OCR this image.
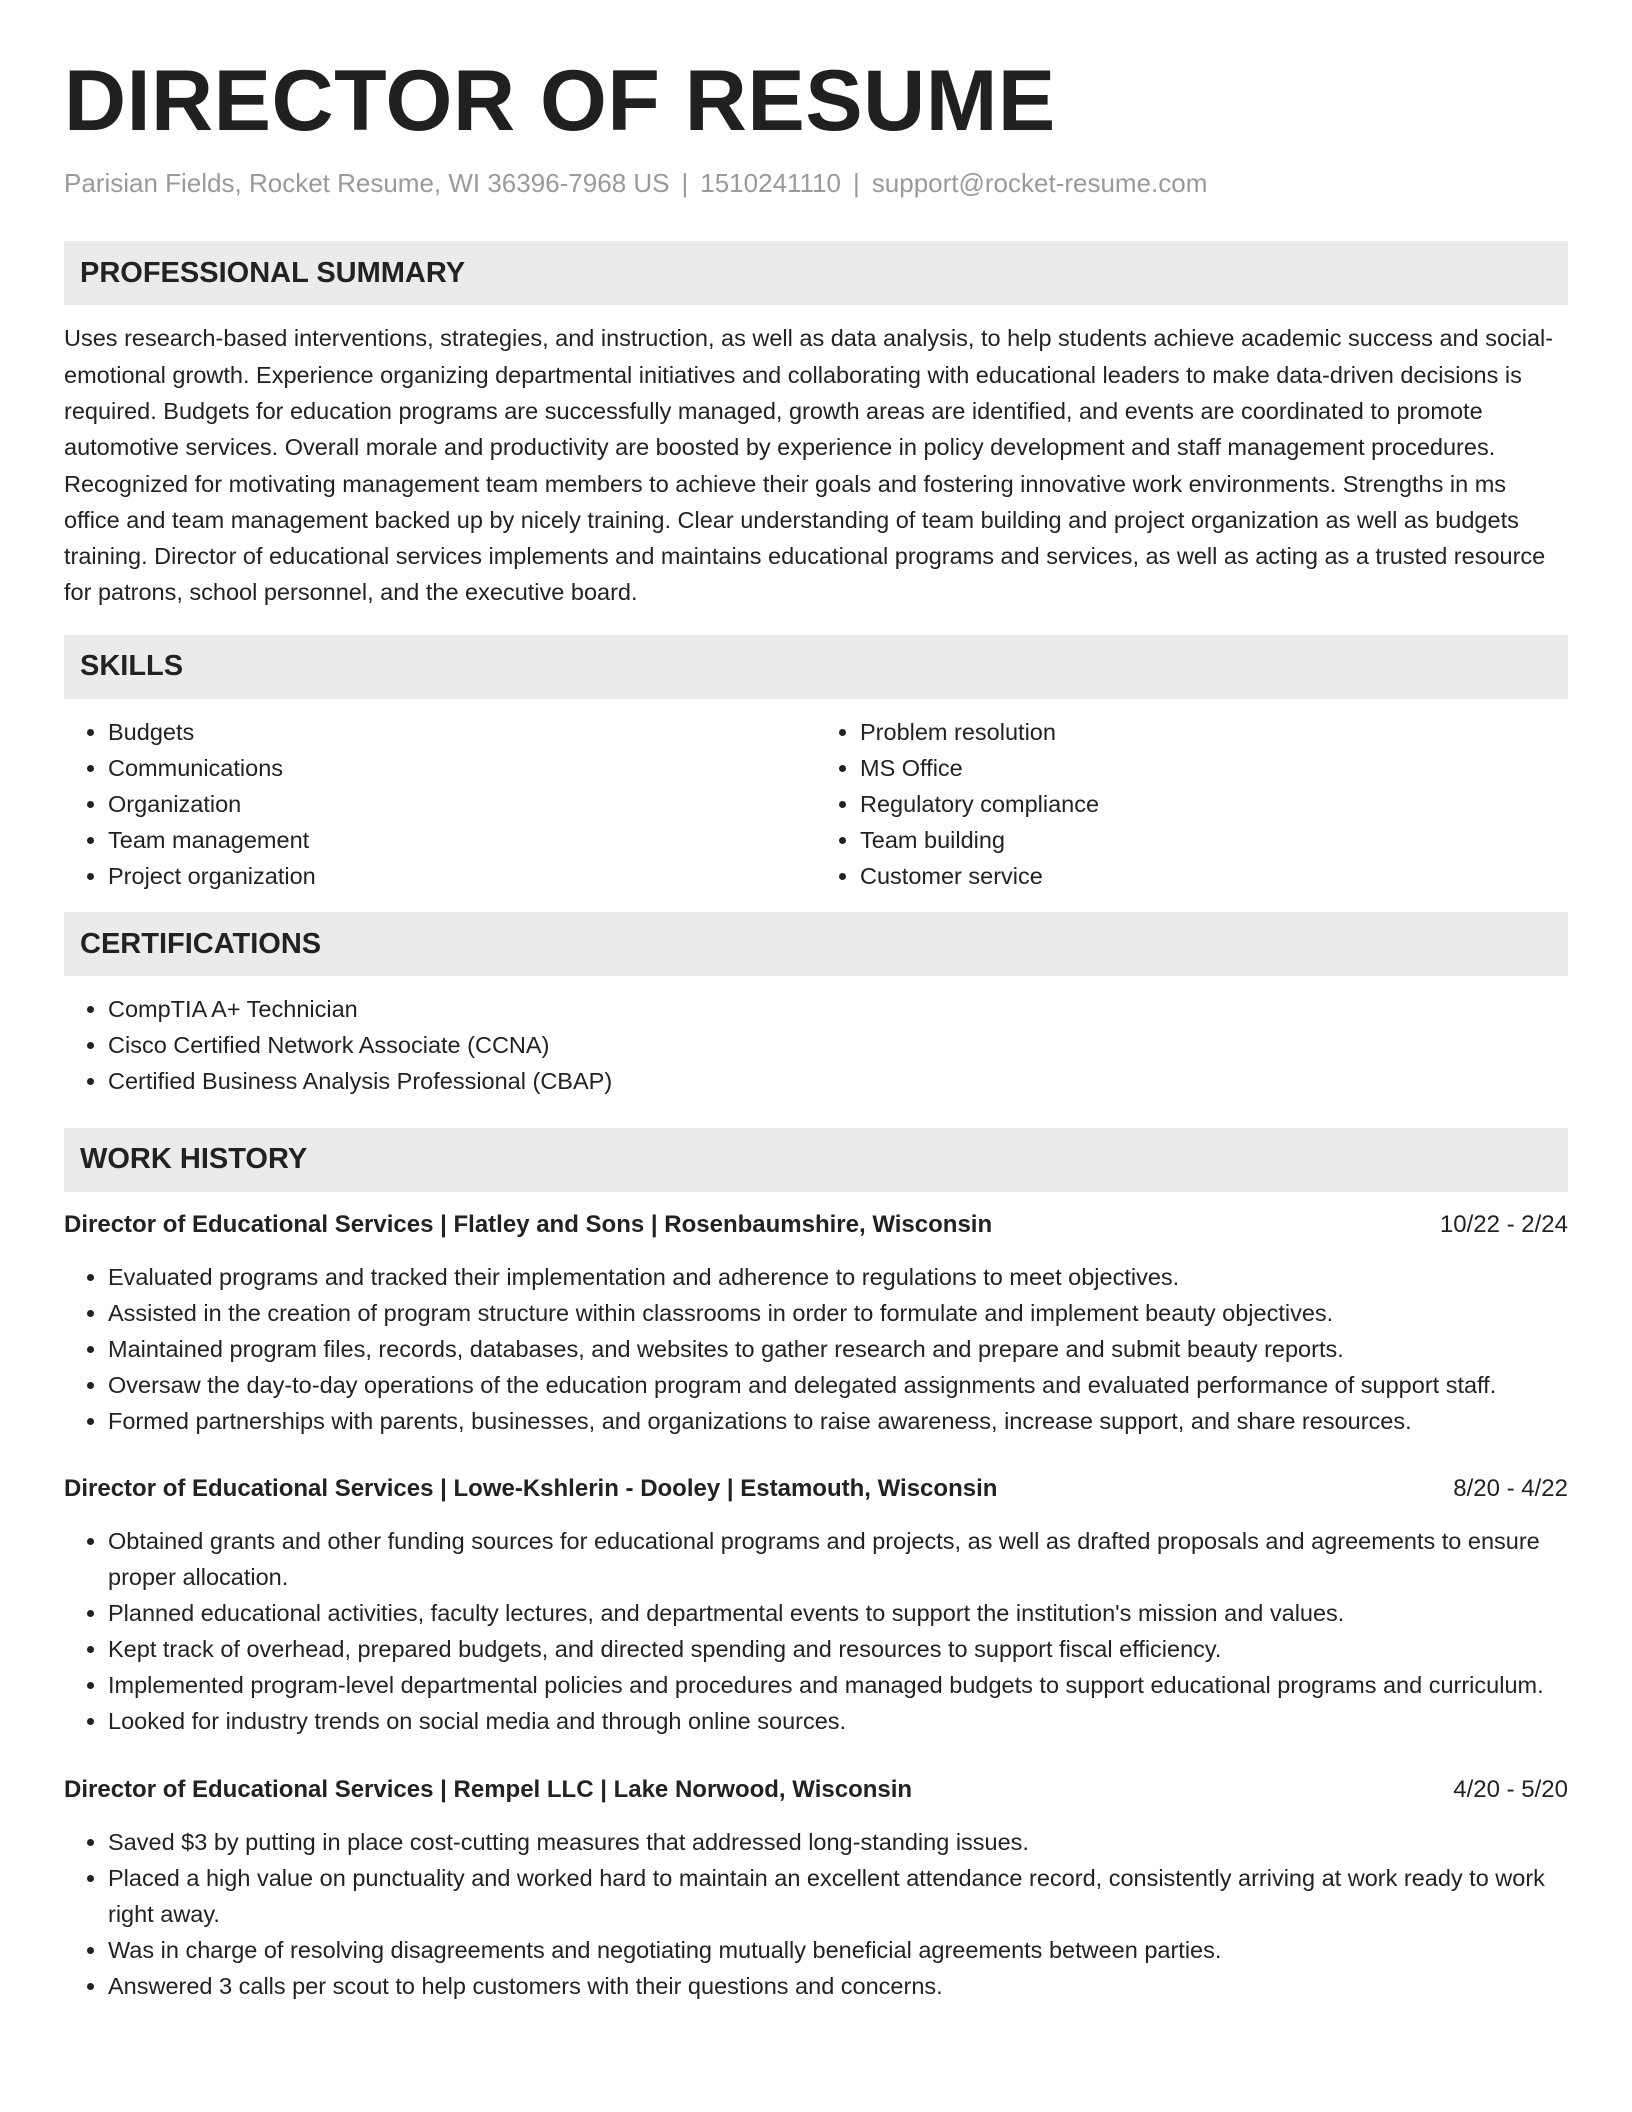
DIRECTOR OF RESUME
Parisian Fields, Rocket Resume, WI 36396-7968 US | 1510241110 | support@rocket-resume.com
PROFESSIONAL SUMMARY

Uses research-based interventions, strategies, and instruction, as well as data analysis, to help students achieve academic success and social-emotional growth. Experience organizing departmental initiatives and collaborating with educational leaders to make data-driven decisions is required. Budgets for education programs are successfully managed, growth areas are identified, and events are coordinated to promote automotive services. Overall morale and productivity are boosted by experience in policy development and staff management procedures. Recognized for motivating management team members to achieve their goals and fostering innovative work environments. Strengths in ms office and team management backed up by nicely training. Clear understanding of team building and project organization as well as budgets training. Director of educational services implements and maintains educational programs and services, as well as acting as a trusted resource for patrons, school personnel, and the executive board.

SKILLS
• Budgets
• Communications
• Organization
• Team management
• Project organization
• Problem resolution
• MS Office
• Regulatory compliance
• Team building
• Customer service
CERTIFICATIONS
• CompTIA A+ Technician
• Cisco Certified Network Associate (CCNA)
• Certified Business Analysis Professional (CBAP)
WORK HISTORY
Director of Educational Services | Flatley and Sons | Rosenbaumshire, Wisconsin	10/22 - 2/24
• Evaluated programs and tracked their implementation and adherence to regulations to meet objectives.
• Assisted in the creation of program structure within classrooms in order to formulate and implement beauty objectives.
• Maintained program files, records, databases, and websites to gather research and prepare and submit beauty reports.
• Oversaw the day-to-day operations of the education program and delegated assignments and evaluated performance of support staff.
• Formed partnerships with parents, businesses, and organizations to raise awareness, increase support, and share resources.
Director of Educational Services | Lowe-Kshlerin - Dooley | Estamouth, Wisconsin	8/20 - 4/22
• Obtained grants and other funding sources for educational programs and projects, as well as drafted proposals and agreements to ensure proper allocation.
• Planned educational activities, faculty lectures, and departmental events to support the institution's mission and values.
• Kept track of overhead, prepared budgets, and directed spending and resources to support fiscal efficiency.
• Implemented program-level departmental policies and procedures and managed budgets to support educational programs and curriculum.
• Looked for industry trends on social media and through online sources.
Director of Educational Services | Rempel LLC | Lake Norwood, Wisconsin	4/20 - 5/20
• Saved $3 by putting in place cost-cutting measures that addressed long-standing issues.
• Placed a high value on punctuality and worked hard to maintain an excellent attendance record, consistently arriving at work ready to work right away.
• Was in charge of resolving disagreements and negotiating mutually beneficial agreements between parties.
• Answered 3 calls per scout to help customers with their questions and concerns.
